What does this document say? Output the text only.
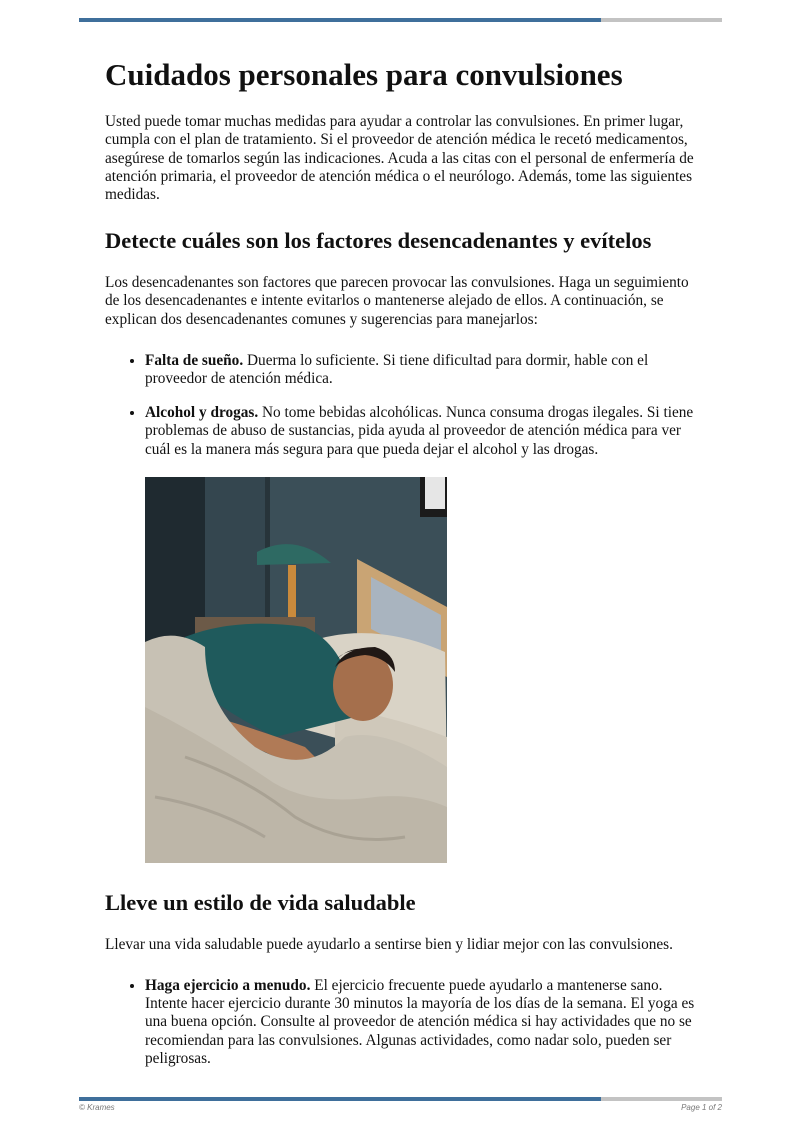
Cuidados personales para convulsiones

Usted puede tomar muchas medidas para ayudar a controlar las convulsiones. En primer lugar, cumpla con el plan de tratamiento. Si el proveedor de atención médica le recetó medicamentos, asegúrese de tomarlos según las indicaciones. Acuda a las citas con el personal de enfermería de atención primaria, el proveedor de atención médica o el neurólogo. Además, tome las siguientes medidas.

Detecte cuáles son los factores desencadenantes y evítelos

Los desencadenantes son factores que parecen provocar las convulsiones. Haga un seguimiento de los desencadenantes e intente evitarlos o mantenerse alejado de ellos. A continuación, se explican dos desencadenantes comunes y sugerencias para manejarlos:

• Falta de sueño. Duerma lo suficiente. Si tiene dificultad para dormir, hable con el proveedor de atención médica.
• Alcohol y drogas. No tome bebidas alcohólicas. Nunca consuma drogas ilegales. Si tiene problemas de abuso de sustancias, pida ayuda al proveedor de atención médica para ver cuál es la manera más segura para que pueda dejar el alcohol y las drogas.
Lleve un estilo de vida saludable

Llevar una vida saludable puede ayudarlo a sentirse bien y lidiar mejor con las convulsiones.

• Haga ejercicio a menudo. El ejercicio frecuente puede ayudarlo a mantenerse sano. Intente hacer ejercicio durante 30 minutos la mayoría de los días de la semana. El yoga es una buena opción. Consulte al proveedor de atención médica si hay actividades que no se recomiendan para las convulsiones. Algunas actividades, como nadar solo, pueden ser peligrosas.
© Krames	Page 1 of 2
